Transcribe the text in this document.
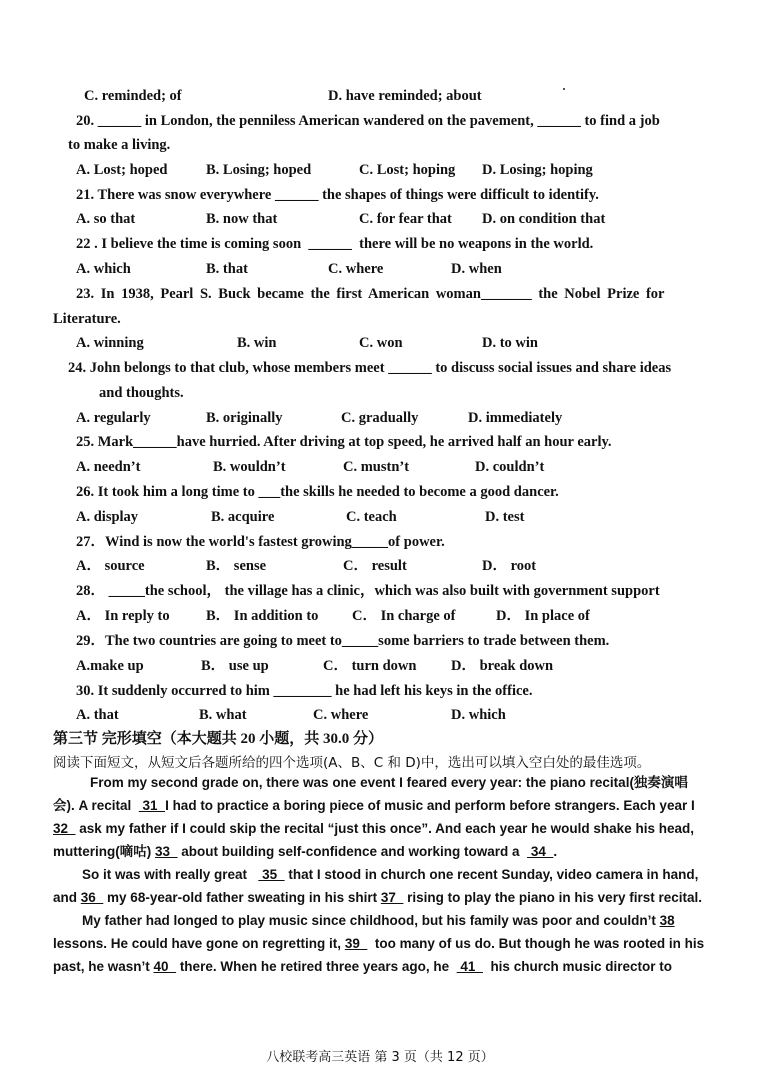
C. reminded; of	D. have reminded; about
20. ______ in London, the penniless American wandered on the pavement, ______ to find a job
to make a living.
A. Lost; hoped	B. Losing; hoped	C. Lost; hoping D. Losing; hoping
21. There was snow everywhere ______ the shapes of things were difficult to identify.
A. so that	B. now that	C. for fear that D. on condition that
22 . I believe the time is coming soon  ______  there will be no weapons in the world.
A. which	B. that	C. where	D. when
23. In 1938, Pearl S. Buck became the first American woman_______ the Nobel Prize for
Literature.
A. winning	B. win	C. won	D. to win
24. John belongs to that club, whose members meet ______ to discuss social issues and share ideas
and thoughts.
A. regularly	B. originally	C. gradually	D. immediately
25. Mark______have hurried. After driving at top speed, he arrived half an hour early.
A. needn’t	B. wouldn’t	C. mustn’t	D. couldn’t
26. It took him a long time to ___the skills he needed to become a good dancer.
A. display	B. acquire	C. teach	D. test
27．Wind is now the world's fastest growing_____of power.
A． source	B． sense	C． result	D． root
28． _____the school， the village has a clinic，which was also built with government support
A． In reply to	B． In addition to C． In charge of	D． In place of
29．The two countries are going to meet to_____some barriers to trade between them.
A.make up	B． use up	C． turn down D． break down
30. It suddenly occurred to him ________ he had left his keys in the office.
A. that	B. what	C. where	D. which
第三节 完形填空（本大题共 20 小题，共 30.0 分）
阅读下面短文，从短文后各题所给的四个选项(A、B、C 和 D)中，选出可以填入空白处的最佳选项。
From my second grade on, there was one event I feared every year: the piano recital(独奏演唱
会). A recital   31  I had to practice a boring piece of music and perform before strangers. Each year I
32   ask my father if I could skip the recital “just this once”. And each year he would shake his head,
muttering(嘀咕) 33   about building self-confidence and working toward a   34  .
So it was with really great    35   that I stood in church one recent Sunday, video camera in hand,
and 36   my 68-year-old father sweating in his shirt 37   rising to play the piano in his very first recital.
My father had longed to play music since childhood, but his family was poor and couldn’t 38
lessons. He could have gone on regretting it, 39    too many of us do. But though he was rooted in his
past, he wasn’t 40   there. When he retired three years ago, he   41    his church music director to
八校联考高三英语 第 3 页（共 12 页）
